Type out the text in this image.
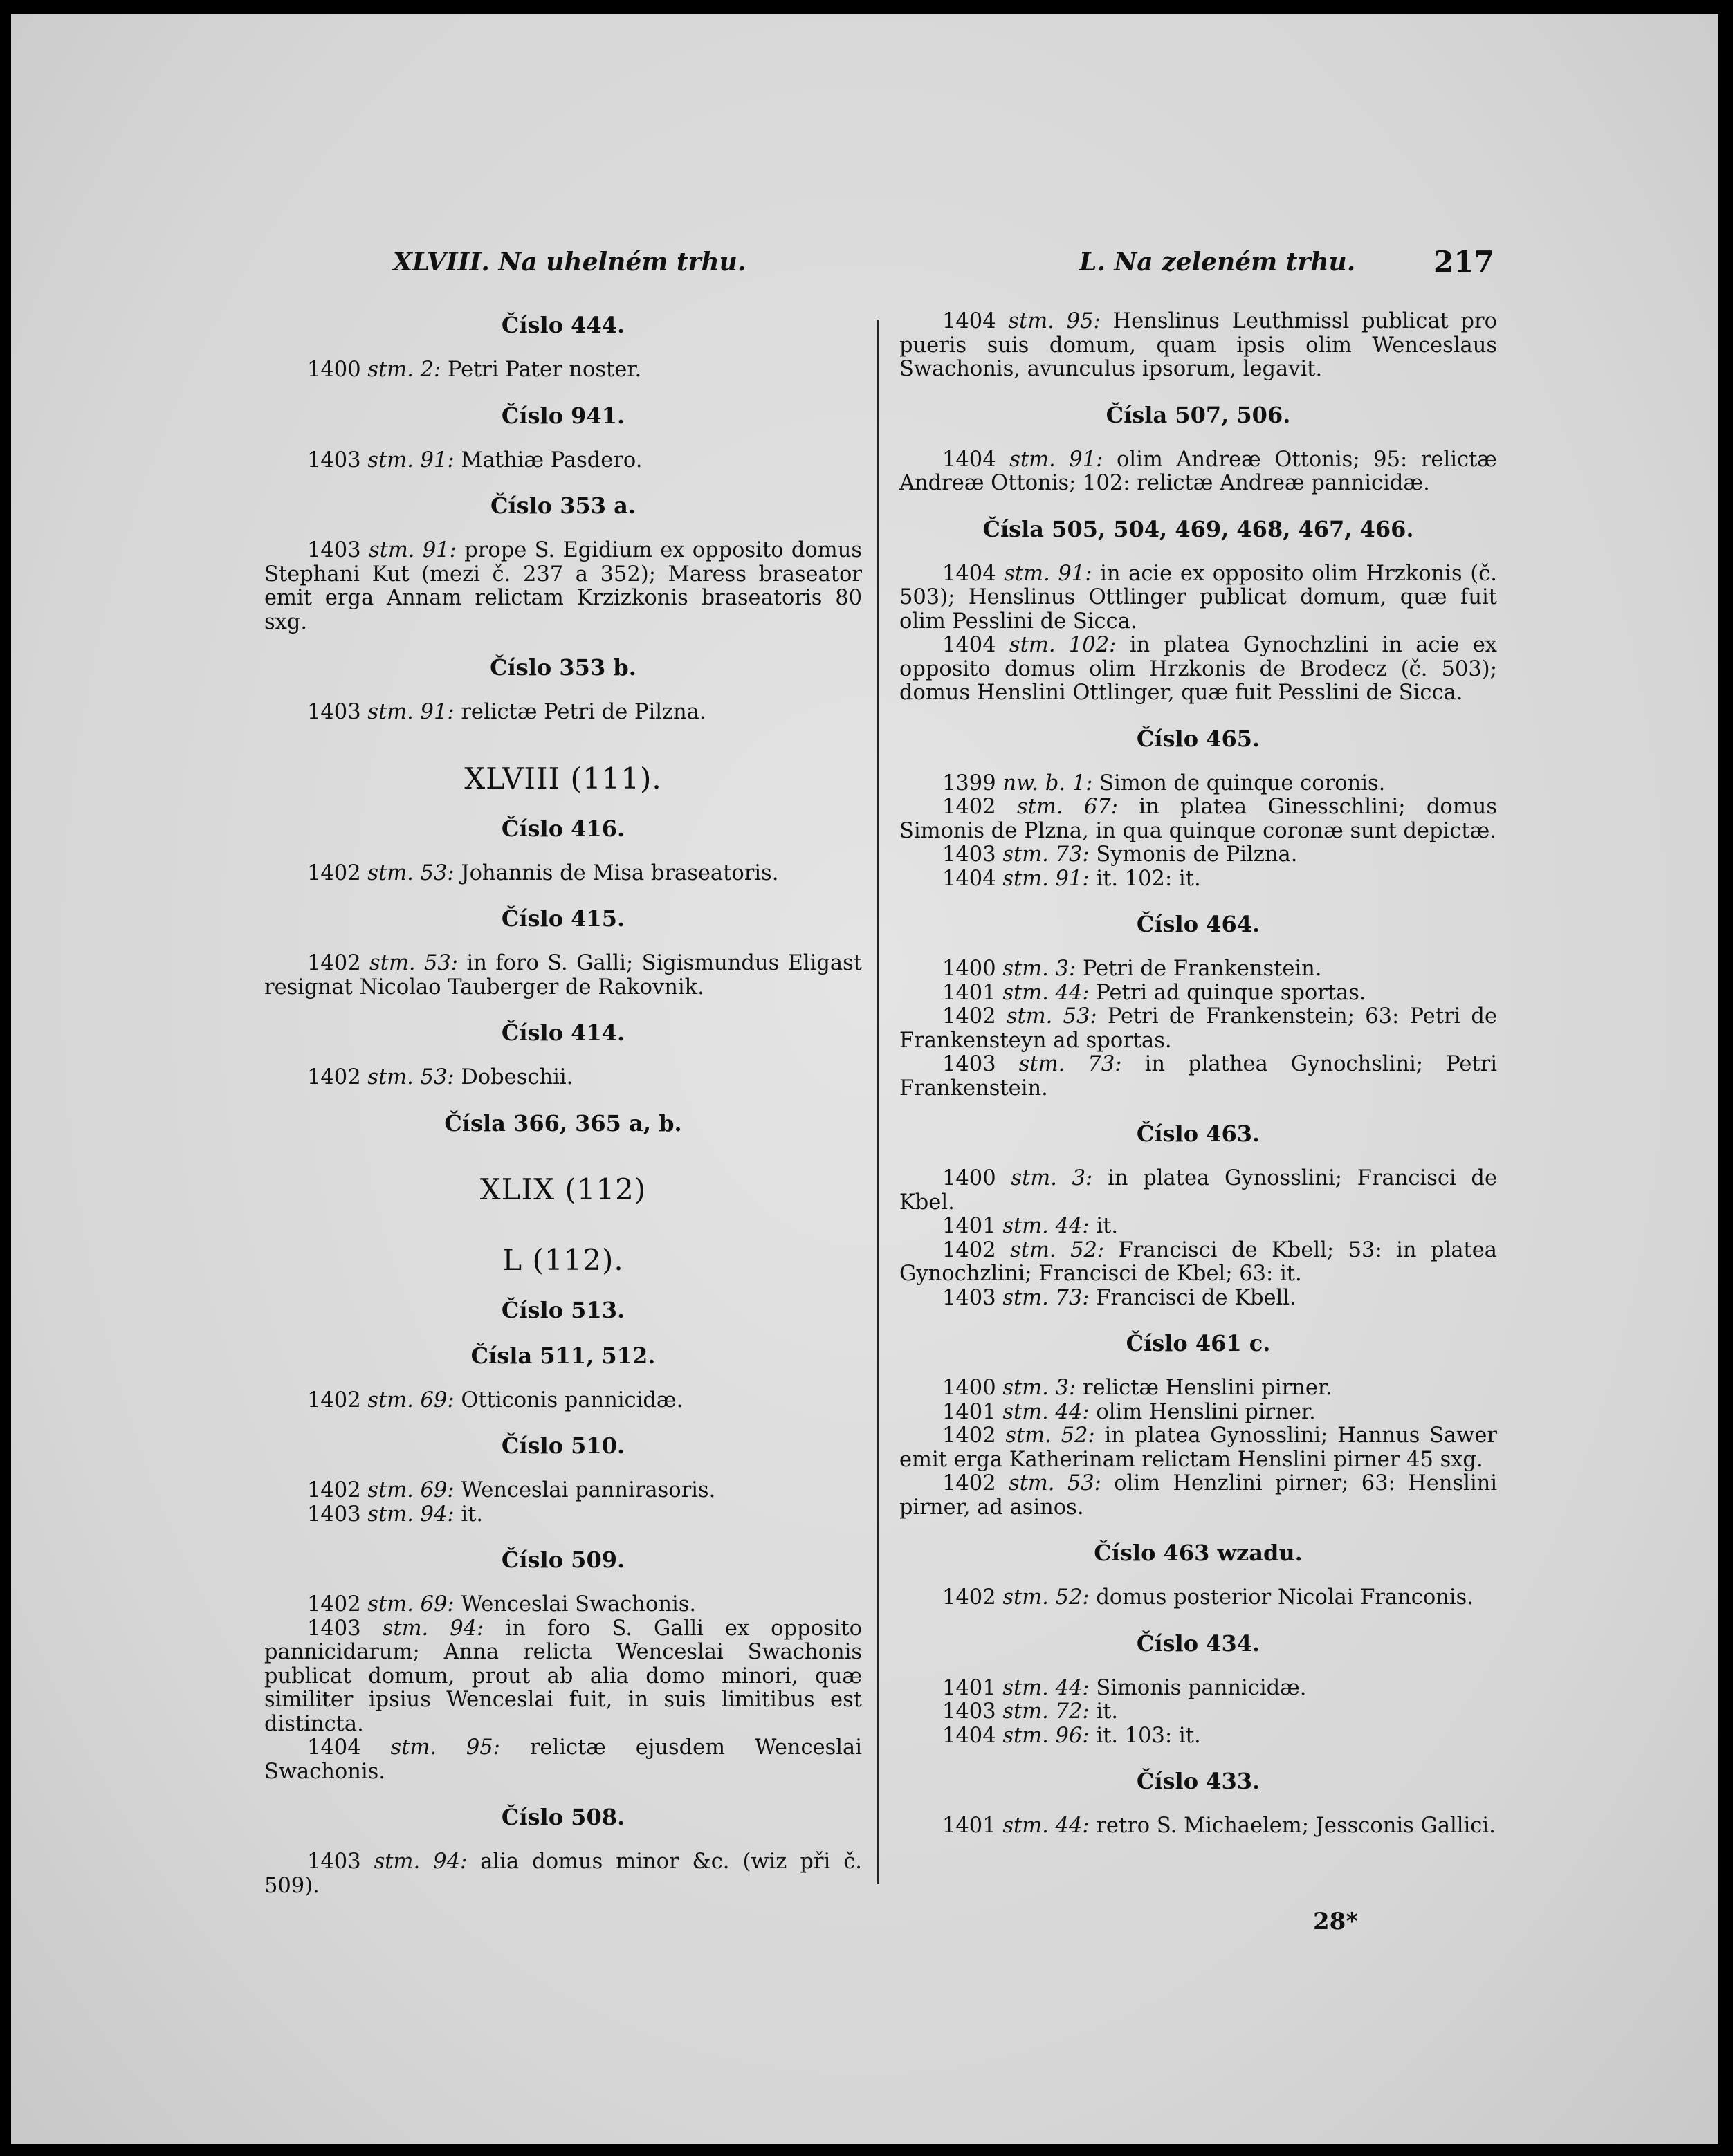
XLVIII. Na uhelném trhu.	L. Na zeleném trhu.	217
Číslo 444.

1400 stm. 2: Petri Pater noster.

Číslo 941.

1403 stm. 91: Mathiæ Pasdero.

Číslo 353 a.

1403 stm. 91: prope S. Egidium ex opposito domus Stephani Kut (mezi č. 237 a 352); Maress braseator emit erga Annam relictam Krzizkonis braseatoris 80 sxg.

Číslo 353 b.

1403 stm. 91: relictæ Petri de Pilzna.

XLVIII (111).
Číslo 416.

1402 stm. 53: Johannis de Misa braseatoris.

Číslo 415.

1402 stm. 53: in foro S. Galli; Sigismundus Eligast resignat Nicolao Tauberger de Rakovnik.

Číslo 414.

1402 stm. 53: Dobeschii.

Čísla 366, 365 a, b.
XLIX (112)
L (112).
Číslo 513.
Čísla 511, 512.

1402 stm. 69: Otticonis pannicidæ.

Číslo 510.

1402 stm. 69: Wenceslai pannirasoris.

1403 stm. 94: it.

Číslo 509.

1402 stm. 69: Wenceslai Swachonis.

1403 stm. 94: in foro S. Galli ex opposito pannicidarum; Anna relicta Wenceslai Swachonis publicat domum, prout ab alia domo minori, quæ similiter ipsius Wenceslai fuit, in suis limitibus est distincta.

1404 stm. 95: relictæ ejusdem Wenceslai Swachonis.

Číslo 508.

1403 stm. 94: alia domus minor &c. (wiz při č. 509).

1404 stm. 95: Henslinus Leuthmissl publicat pro pueris suis domum, quam ipsis olim Wenceslaus Swachonis, avunculus ipsorum, legavit.

Čísla 507, 506.

1404 stm. 91: olim Andreæ Ottonis; 95: relictæ Andreæ Ottonis; 102: relictæ Andreæ pannicidæ.

Čísla 505, 504, 469, 468, 467, 466.

1404 stm. 91: in acie ex opposito olim Hrzkonis (č. 503); Henslinus Ottlinger publicat domum, quæ fuit olim Pesslini de Sicca.

1404 stm. 102: in platea Gynochzlini in acie ex opposito domus olim Hrzkonis de Brodecz (č. 503); domus Henslini Ottlinger, quæ fuit Pesslini de Sicca.

Číslo 465.

1399 nw. b. 1: Simon de quinque coronis.

1402 stm. 67: in platea Ginesschlini; domus Simonis de Plzna, in qua quinque coronæ sunt depictæ.

1403 stm. 73: Symonis de Pilzna.

1404 stm. 91: it. 102: it.

Číslo 464.

1400 stm. 3: Petri de Frankenstein.

1401 stm. 44: Petri ad quinque sportas.

1402 stm. 53: Petri de Frankenstein; 63: Petri de Frankensteyn ad sportas.

1403 stm. 73: in plathea Gynochslini; Petri Frankenstein.

Číslo 463.

1400 stm. 3: in platea Gynosslini; Francisci de Kbel.

1401 stm. 44: it.

1402 stm. 52: Francisci de Kbell; 53: in platea Gynochzlini; Francisci de Kbel; 63: it.

1403 stm. 73: Francisci de Kbell.

Číslo 461 c.

1400 stm. 3: relictæ Henslini pirner.

1401 stm. 44: olim Henslini pirner.

1402 stm. 52: in platea Gynosslini; Hannus Sawer emit erga Katherinam relictam Henslini pirner 45 sxg.

1402 stm. 53: olim Henzlini pirner; 63: Henslini pirner, ad asinos.

Číslo 463 wzadu.

1402 stm. 52: domus posterior Nicolai Franconis.

Číslo 434.

1401 stm. 44: Simonis pannicidæ.

1403 stm. 72: it.

1404 stm. 96: it. 103: it.

Číslo 433.

1401 stm. 44: retro S. Michaelem; Jessconis Gallici.

28*
